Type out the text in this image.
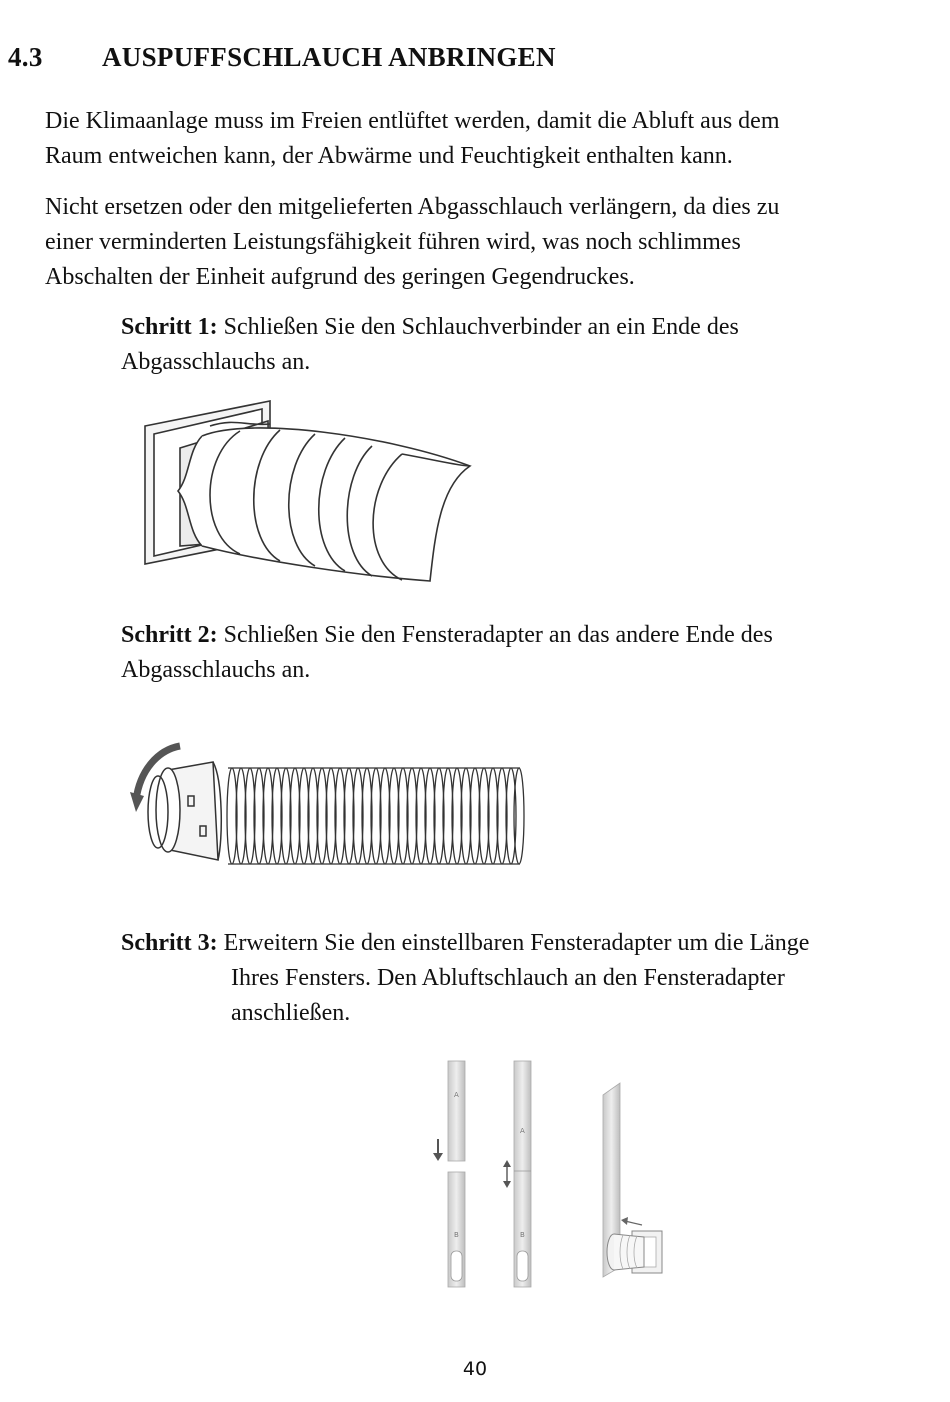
4.3 AUSPUFFSCHLAUCH ANBRINGEN

Die Klimaanlage muss im Freien entlüftet werden, damit die Abluft aus dem
Raum entweichen kann, der Abwärme und Feuchtigkeit enthalten kann.

Nicht ersetzen oder den mitgelieferten Abgasschlauch verlängern, da dies zu
einer verminderten Leistungsfähigkeit führen wird, was noch schlimmes
Abschalten der Einheit aufgrund des geringen Gegendruckes.

Schritt 1: Schließen Sie den Schlauchverbinder an ein Ende des
Abgasschlauchs an.

Schritt 2: Schließen Sie den Fensteradapter an das andere Ende des
Abgasschlauchs an.

Schritt 3: Erweitern Sie den einstellbaren Fensteradapter um die Länge
Ihres Fensters. Den Abluftschlauch an den Fensteradapter
anschließen.

A
B
A
B
40
